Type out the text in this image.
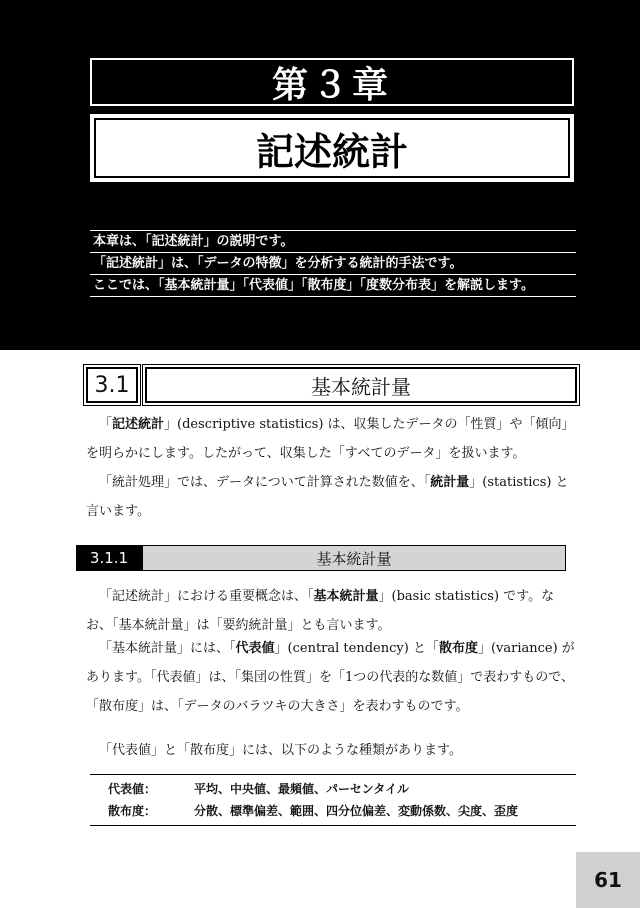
第３章
記述統計
本章は、「記述統計」の説明です。
「記述統計」は、「データの特徴」を分析する統計的手法です。
ここでは、「基本統計量」「代表値」「散布度」「度数分布表」を解説します。
3.1	基本統計量

「記述統計」(descriptive statistics) は、収集したデータの「性質」や「傾向」を明らかにします。したがって、収集した「すべてのデータ」を扱います。

「統計処理」では、データについて計算された数値を、「統計量」(statistics) と言います。

3.1.1	基本統計量

「記述統計」における重要概念は、「基本統計量」(basic statistics) です。なお、「基本統計量」は「要約統計量」とも言います。

「基本統計量」には、「代表値」(central tendency) と「散布度」(variance) があります。「代表値」は、「集団の性質」を「1つの代表的な数値」で表わすもので、「散布度」は、「データのバラツキの大きさ」を表わすものです。

「代表値」と「散布度」には、以下のような種類があります。

代表値：	平均、中央値、最頻値、パーセンタイル
散布度：	分散、標準偏差、範囲、四分位偏差、変動係数、尖度、歪度
61
